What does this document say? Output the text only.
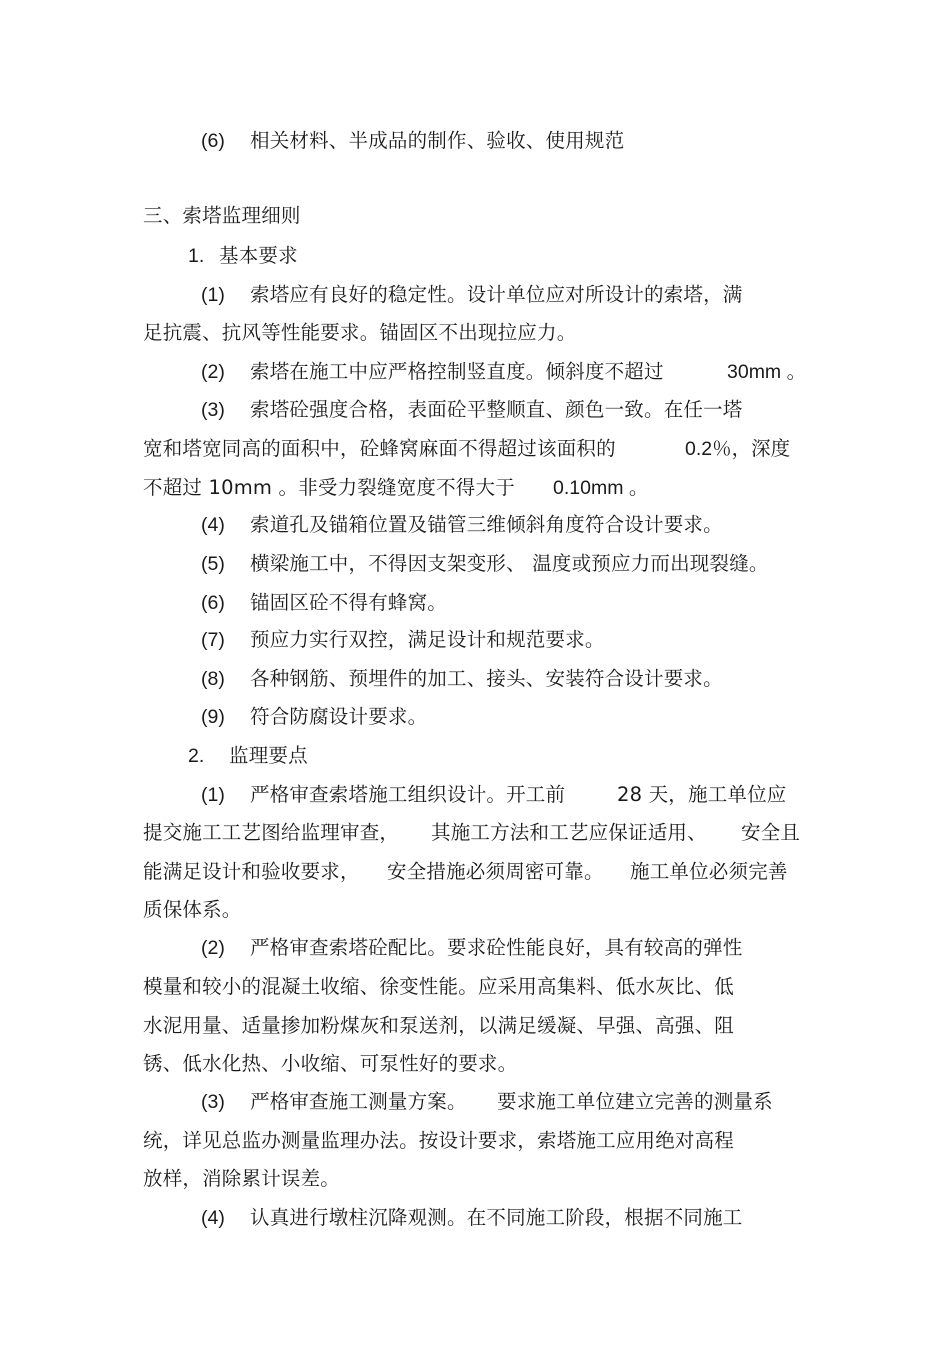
(6) 相关材料、半成品的制作、验收、使用规范
三、索塔监理细则
1. 基本要求
(1) 索塔应有良好的稳定性。设计单位应对所设计的索塔，满
足抗震、抗风等性能要求。锚固区不出现拉应力。
(2) 索塔在施工中应严格控制竖直度。倾斜度不超过	30mm 。
(3) 索塔砼强度合格，表面砼平整顺直、颜色一致。在任一塔
宽和塔宽同高的面积中，砼蜂窝麻面不得超过该面积的	0.2％，深度
不超过 10mm 。非受力裂缝宽度不得大于 0.10mm 。
(4) 索道孔及锚箱位置及锚管三维倾斜角度符合设计要求。
(5) 横梁施工中，不得因支架变形、 温度或预应力而出现裂缝。
(6) 锚固区砼不得有蜂窝。
(7) 预应力实行双控，满足设计和规范要求。
(8) 各种钢筋、预埋件的加工、接头、安装符合设计要求。
(9) 符合防腐设计要求。
2. 监理要点
(1) 严格审查索塔施工组织设计。开工前	28 天，施工单位应
提交施工工艺图给监理审查， 其施工方法和工艺应保证适用、 安全且
能满足设计和验收要求， 安全措施必须周密可靠。 施工单位必须完善
质保体系。
(2) 严格审查索塔砼配比。要求砼性能良好，具有较高的弹性
模量和较小的混凝土收缩、徐变性能。应采用高集料、低水灰比、低
水泥用量、适量掺加粉煤灰和泵送剂，以满足缓凝、早强、高强、阻
锈、低水化热、小收缩、可泵性好的要求。
(3) 严格审查施工测量方案。 要求施工单位建立完善的测量系
统，详见总监办测量监理办法。按设计要求，索塔施工应用绝对高程
放样，消除累计误差。
(4) 认真进行墩柱沉降观测。在不同施工阶段，根据不同施工
